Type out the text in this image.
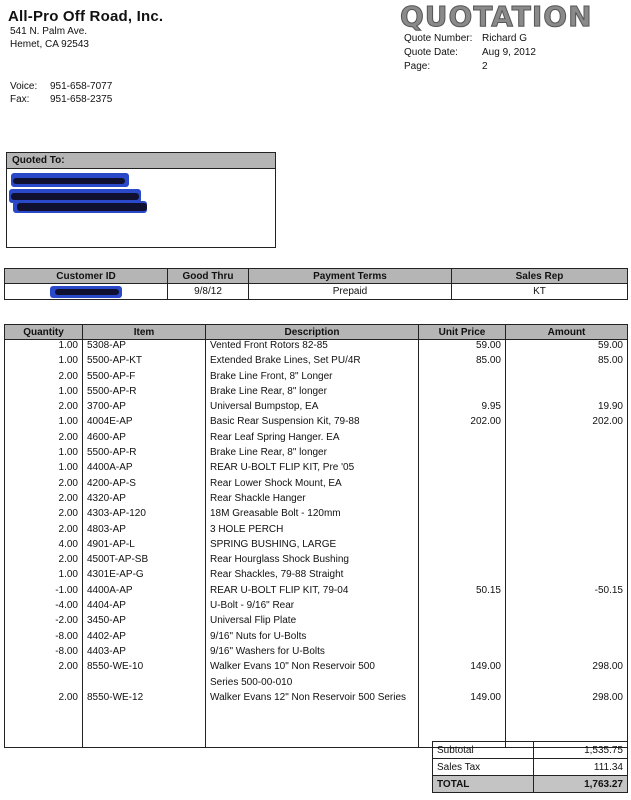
All-Pro Off Road, Inc.
541 N. Palm Ave.
Hemet, CA 92543
Voice: 951-658-7077
Fax: 951-658-2375
QUOTATION
Quote Number: Richard G
Quote Date: Aug 9, 2012
Page:	2
Quoted To:
Customer ID	Good Thru	Payment Terms	Sales Rep

	9/8/12	Prepaid	KT
Quantity	Item	Description	Unit Price	Amount
1.00	5308-AP	Vented Front Rotors 82-85	59.00	59.00
1.00	5500-AP-KT	Extended Brake Lines, Set PU/4R	85.00	85.00
2.00	5500-AP-F	Brake Line Front, 8" Longer		
1.00	5500-AP-R	Brake Line Rear, 8" longer		
2.00	3700-AP	Universal Bumpstop, EA	9.95	19.90
1.00	4004E-AP	Basic Rear Suspension Kit, 79-88	202.00	202.00
2.00	4600-AP	Rear Leaf Spring Hanger. EA		
1.00	5500-AP-R	Brake Line Rear, 8" longer		
1.00	4400A-AP	REAR U-BOLT FLIP KIT, Pre '05		
2.00	4200-AP-S	Rear Lower Shock Mount, EA		
2.00	4320-AP	Rear Shackle Hanger		
2.00	4303-AP-120	18M Greasable Bolt - 120mm		
2.00	4803-AP	3 HOLE PERCH		
4.00	4901-AP-L	SPRING BUSHING, LARGE		
2.00	4500T-AP-SB	Rear Hourglass Shock Bushing		
1.00	4301E-AP-G	Rear Shackles, 79-88 Straight		
-1.00	4400A-AP	REAR U-BOLT FLIP KIT, 79-04	50.15	-50.15
-4.00	4404-AP	U-Bolt - 9/16" Rear		
-2.00	3450-AP	Universal Flip Plate		
-8.00	4402-AP	9/16" Nuts for U-Bolts		
-8.00	4403-AP	9/16" Washers for U-Bolts		
2.00	8550-WE-10	Walker Evans 10" Non Reservoir 500	149.00	298.00
		Series 500-00-010		
2.00	8550-WE-12	Walker Evans 12" Non Reservoir 500 Series	149.00	298.00

Subtotal	1,535.75
Sales Tax	111.34
TOTAL	1,763.27
